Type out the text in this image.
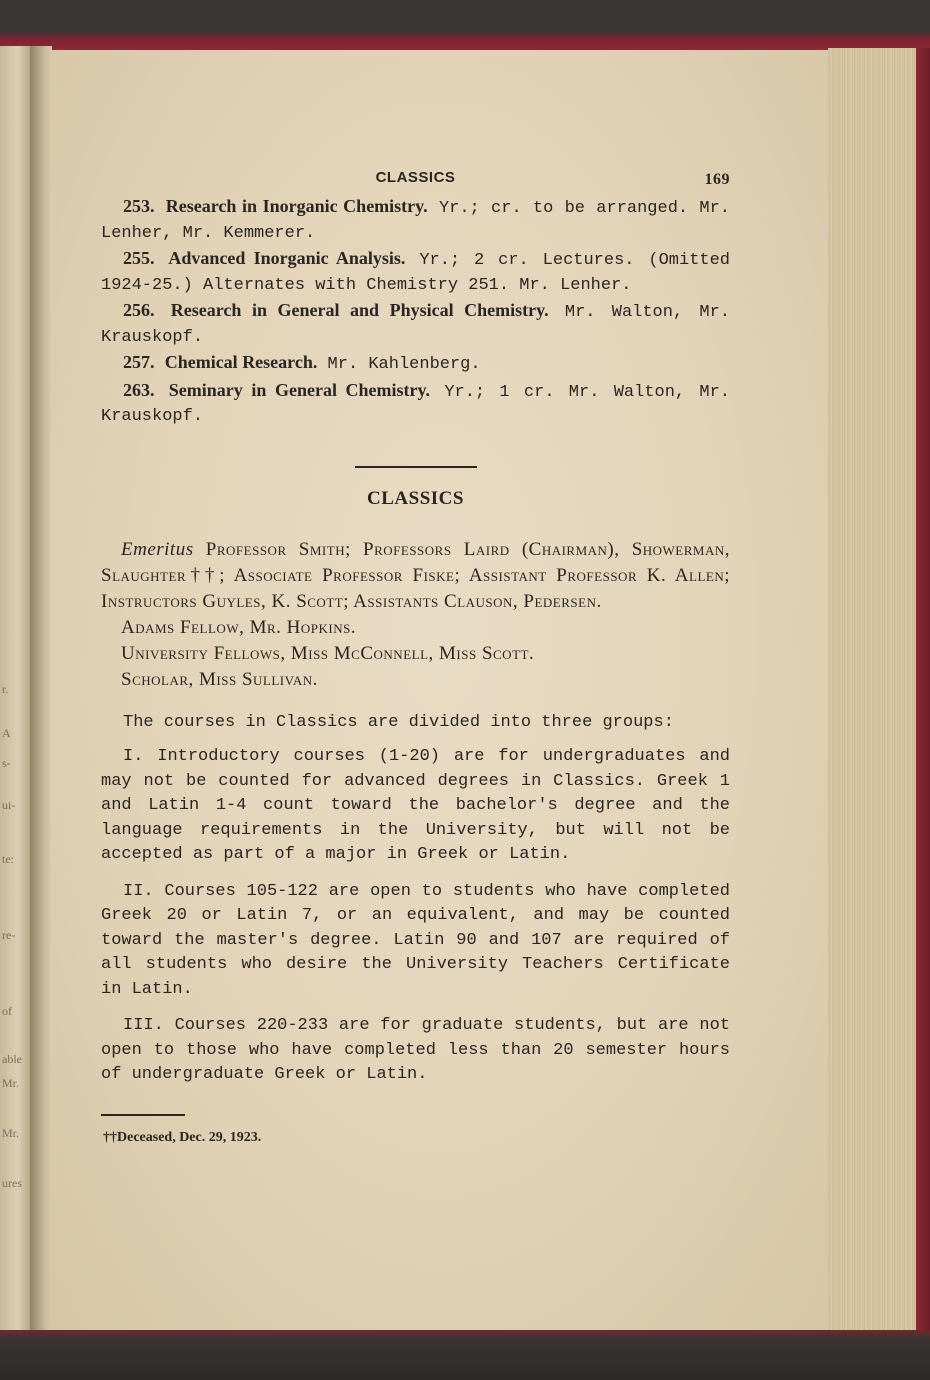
r.
A
s-
ui-
te:
re-
of
able
Mr.
Mr.
ures
CLASSICS	169

253. Research in Inorganic Chemistry. Yr.; cr. to be arranged. Mr. Lenher, Mr. Kemmerer.

255. Advanced Inorganic Analysis. Yr.; 2 cr. Lectures. (Omitted 1924-25.) Alternates with Chemistry 251. Mr. Lenher.

256. Research in General and Physical Chemistry. Mr. Walton, Mr. Krauskopf.

257. Chemical Research. Mr. Kahlenberg.

263. Seminary in General Chemistry. Yr.; 1 cr. Mr. Walton, Mr. Krauskopf.

CLASSICS

Emeritus Professor Smith; Professors Laird (Chairman), Showerman, Slaughter††; Associate Professor Fiske; Assistant Professor K. Allen; Instructors Guyles, K. Scott; Assistants Clauson, Pedersen.

Adams Fellow, Mr. Hopkins.

University Fellows, Miss McConnell, Miss Scott.

Scholar, Miss Sullivan.

The courses in Classics are divided into three groups:

I. Introductory courses (1-20) are for undergraduates and may not be counted for advanced degrees in Classics. Greek 1 and Latin 1-4 count toward the bachelor's degree and the language requirements in the University, but will not be accepted as part of a major in Greek or Latin.

II. Courses 105-122 are open to students who have completed Greek 20 or Latin 7, or an equivalent, and may be counted toward the master's degree. Latin 90 and 107 are required of all students who desire the University Teachers Certificate in Latin.

III. Courses 220-233 are for graduate students, but are not open to those who have completed less than 20 semester hours of undergraduate Greek or Latin.

††Deceased, Dec. 29, 1923.
